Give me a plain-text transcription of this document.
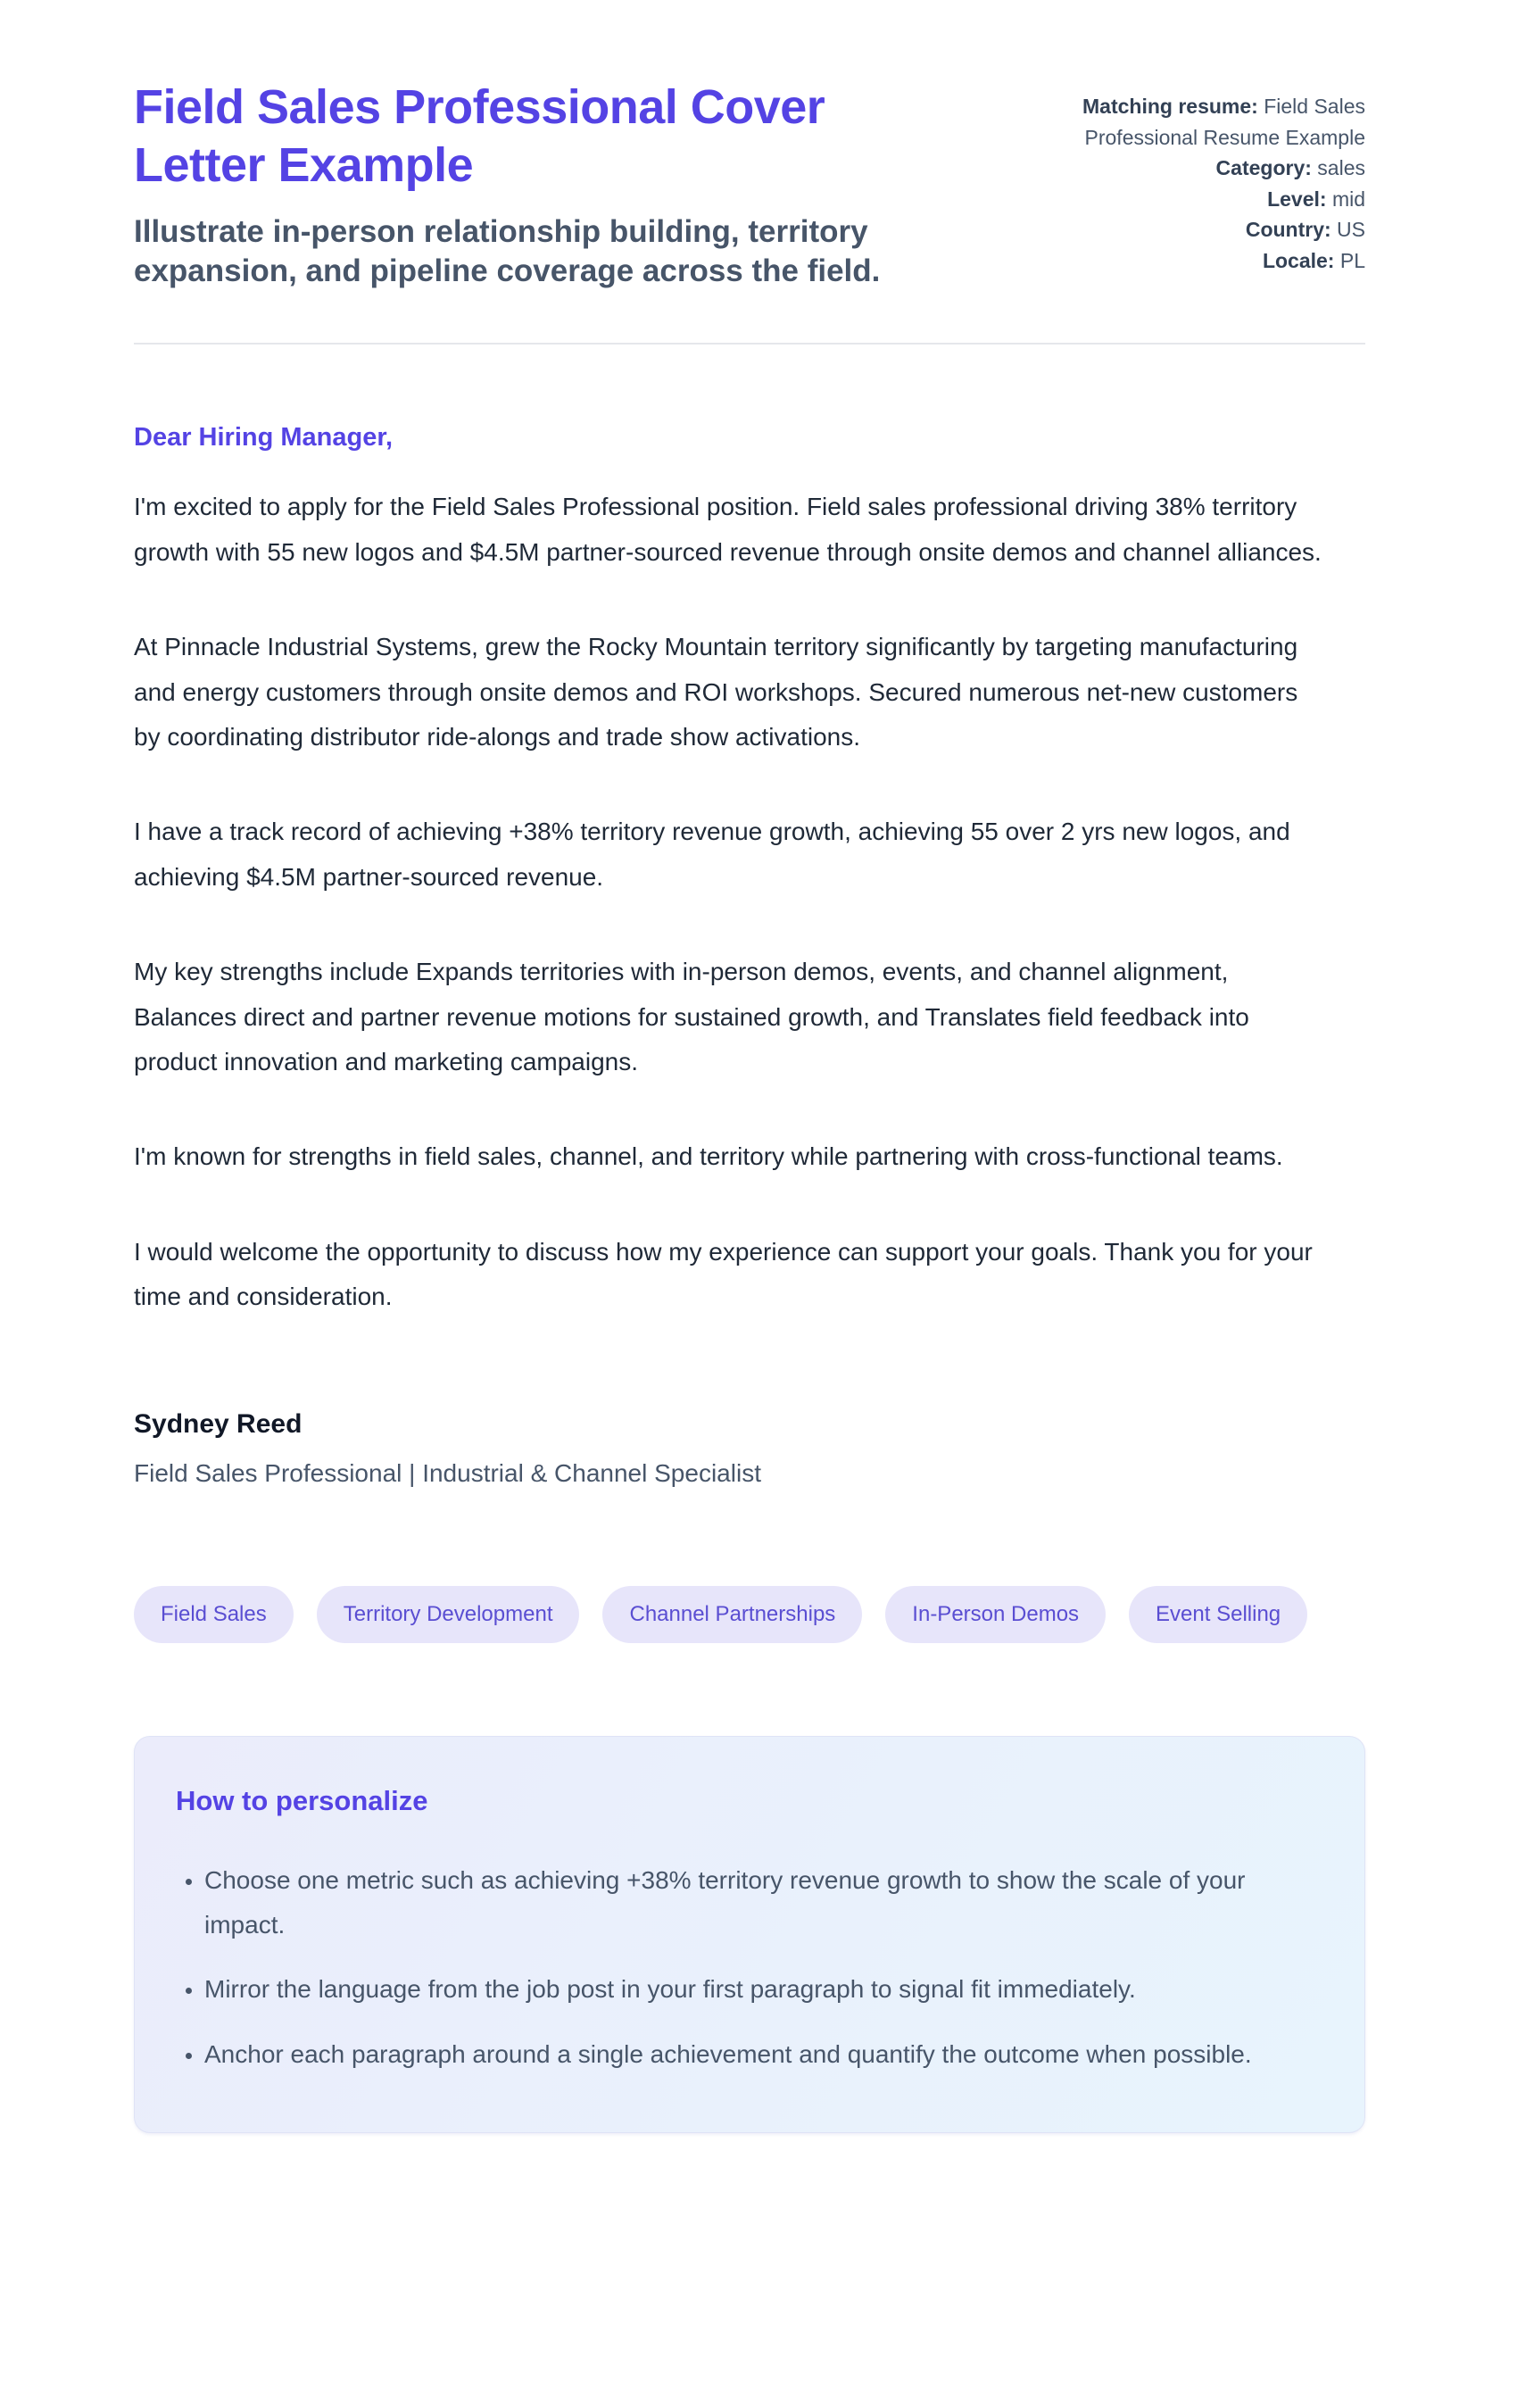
Field Sales Professional Cover Letter Example

Illustrate in-person relationship building, territory expansion, and pipeline coverage across the field.

Matching resume: Field Sales Professional Resume Example
Category: sales
Level: mid
Country: US
Locale: PL

Dear Hiring Manager,

I'm excited to apply for the Field Sales Professional position. Field sales professional driving 38% territory growth with 55 new logos and $4.5M partner-sourced revenue through onsite demos and channel alliances.

At Pinnacle Industrial Systems, grew the Rocky Mountain territory significantly by targeting manufacturing and energy customers through onsite demos and ROI workshops. Secured numerous net-new customers by coordinating distributor ride-alongs and trade show activations.

I have a track record of achieving +38% territory revenue growth, achieving 55 over 2 yrs new logos, and achieving $4.5M partner-sourced revenue.

My key strengths include Expands territories with in-person demos, events, and channel alignment, Balances direct and partner revenue motions for sustained growth, and Translates field feedback into product innovation and marketing campaigns.

I'm known for strengths in field sales, channel, and territory while partnering with cross-functional teams.

I would welcome the opportunity to discuss how my experience can support your goals. Thank you for your time and consideration.

Sydney Reed
Field Sales Professional | Industrial & Channel Specialist
Field Sales	Territory Development	Channel Partnerships	In-Person Demos	Event Selling
How to personalize
• Choose one metric such as achieving +38% territory revenue growth to show the scale of your impact.
• Mirror the language from the job post in your first paragraph to signal fit immediately.
• Anchor each paragraph around a single achievement and quantify the outcome when possible.
